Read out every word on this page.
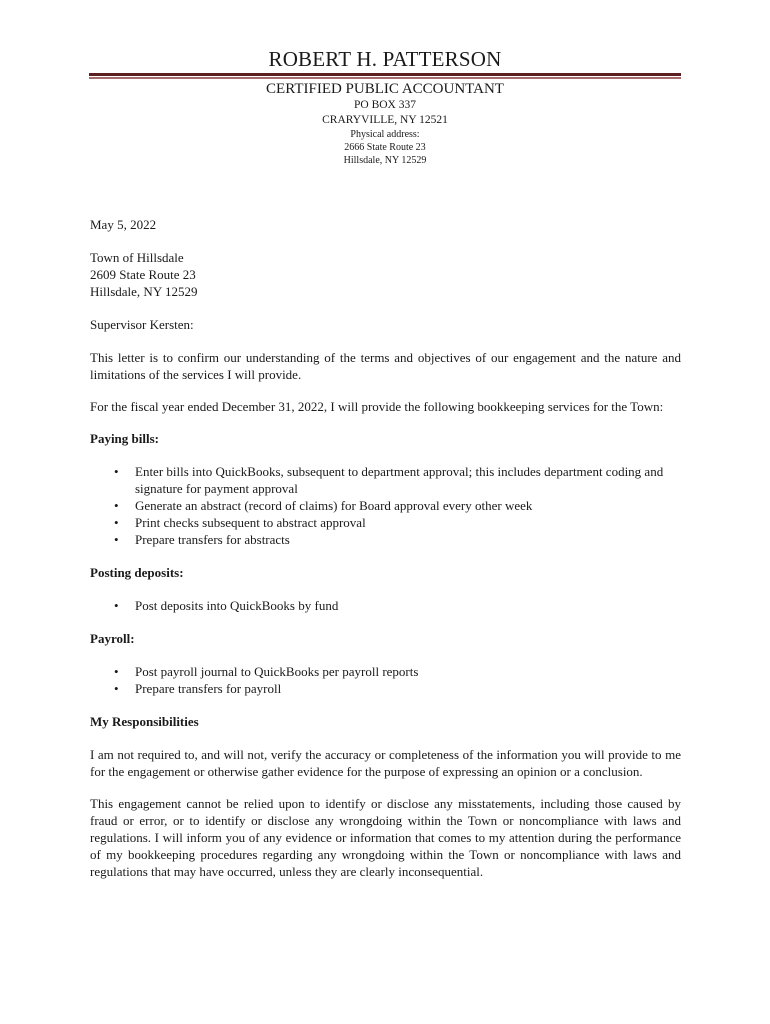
ROBERT H. PATTERSON

CERTIFIED PUBLIC ACCOUNTANT
PO BOX 337
CRARYVILLE, NY 12521
Physical address:
2666 State Route 23
Hillsdale, NY 12529

May 5, 2022

Town of Hillsdale

2609 State Route 23

Hillsdale, NY 12529

Supervisor Kersten:

This letter is to confirm our understanding of the terms and objectives of our engagement and the nature and limitations of the services I will provide.

For the fiscal year ended December 31, 2022, I will provide the following bookkeeping services for the Town:

Paying bills:

• Enter bills into QuickBooks, subsequent to department approval; this includes department coding and signature for payment approval
• Generate an abstract (record of claims) for Board approval every other week
• Print checks subsequent to abstract approval
• Prepare transfers for abstracts

Posting deposits:

• Post deposits into QuickBooks by fund

Payroll:

• Post payroll journal to QuickBooks per payroll reports
• Prepare transfers for payroll

My Responsibilities

I am not required to, and will not, verify the accuracy or completeness of the information you will provide to me for the engagement or otherwise gather evidence for the purpose of expressing an opinion or a conclusion.

This engagement cannot be relied upon to identify or disclose any misstatements, including those caused by fraud or error, or to identify or disclose any wrongdoing within the Town or noncompliance with laws and regulations. I will inform you of any evidence or information that comes to my attention during the performance of my bookkeeping procedures regarding any wrongdoing within the Town or noncompliance with laws and regulations that may have occurred, unless they are clearly inconsequential.
